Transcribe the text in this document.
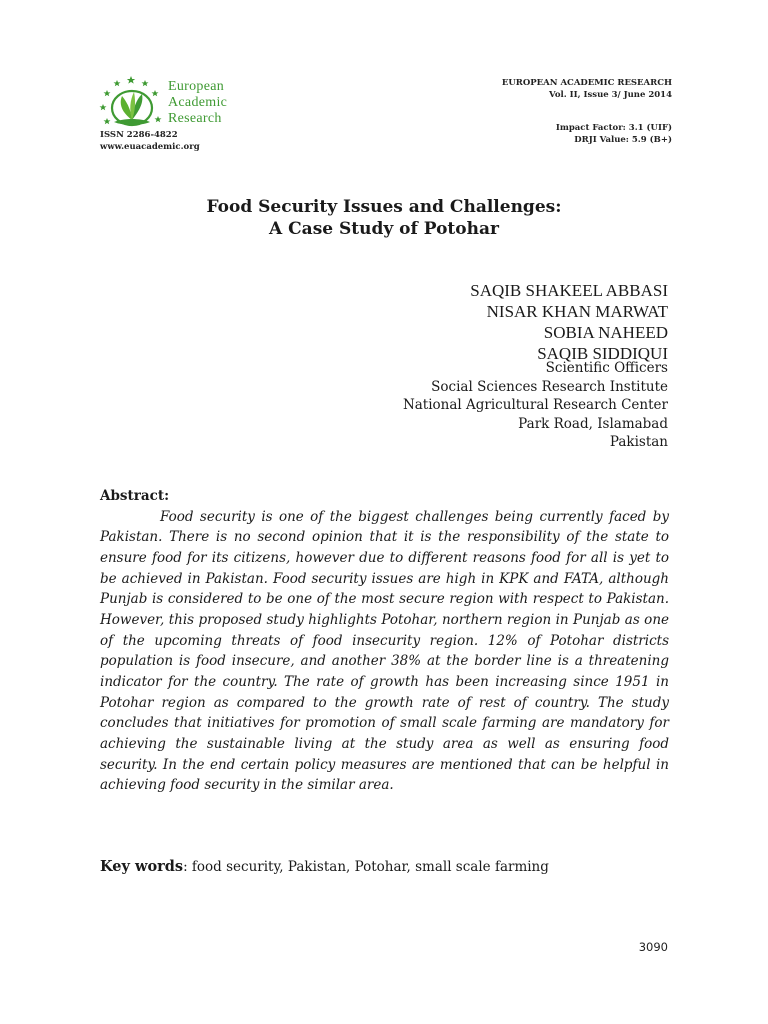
European
Academic
Research
ISSN 2286-4822
www.euacademic.org
EUROPEAN ACADEMIC RESEARCH
Vol. II, Issue 3/ June 2014
Impact Factor: 3.1 (UIF)
DRJI Value: 5.9 (B+)
Food Security Issues and Challenges:
A Case Study of Potohar
SAQIB SHAKEEL ABBASI
NISAR KHAN MARWAT
SOBIA NAHEED
SAQIB SIDDIQUI
Scientific Officers
Social Sciences Research Institute
National Agricultural Research Center
Park Road, Islamabad
Pakistan
Abstract:

Food security is one of the biggest challenges being currently faced by Pakistan. There is no second opinion that it is the responsibility of the state to ensure food for its citizens, however due to different reasons food for all is yet to be achieved in Pakistan. Food security issues are high in KPK and FATA, although Punjab is considered to be one of the most secure region with respect to Pakistan. However, this proposed study highlights Potohar, northern region in Punjab as one of the upcoming threats of food insecurity region. 12% of Potohar districts population is food insecure, and another 38% at the border line is a threatening indicator for the country. The rate of growth has been increasing since 1951 in Potohar region as compared to the growth rate of rest of country. The study concludes that initiatives for promotion of small scale farming are mandatory for achieving the sustainable living at the study area as well as ensuring food security. In the end certain policy measures are mentioned that can be helpful in achieving food security in the similar area.

Key words: food security, Pakistan, Potohar, small scale farming
3090
